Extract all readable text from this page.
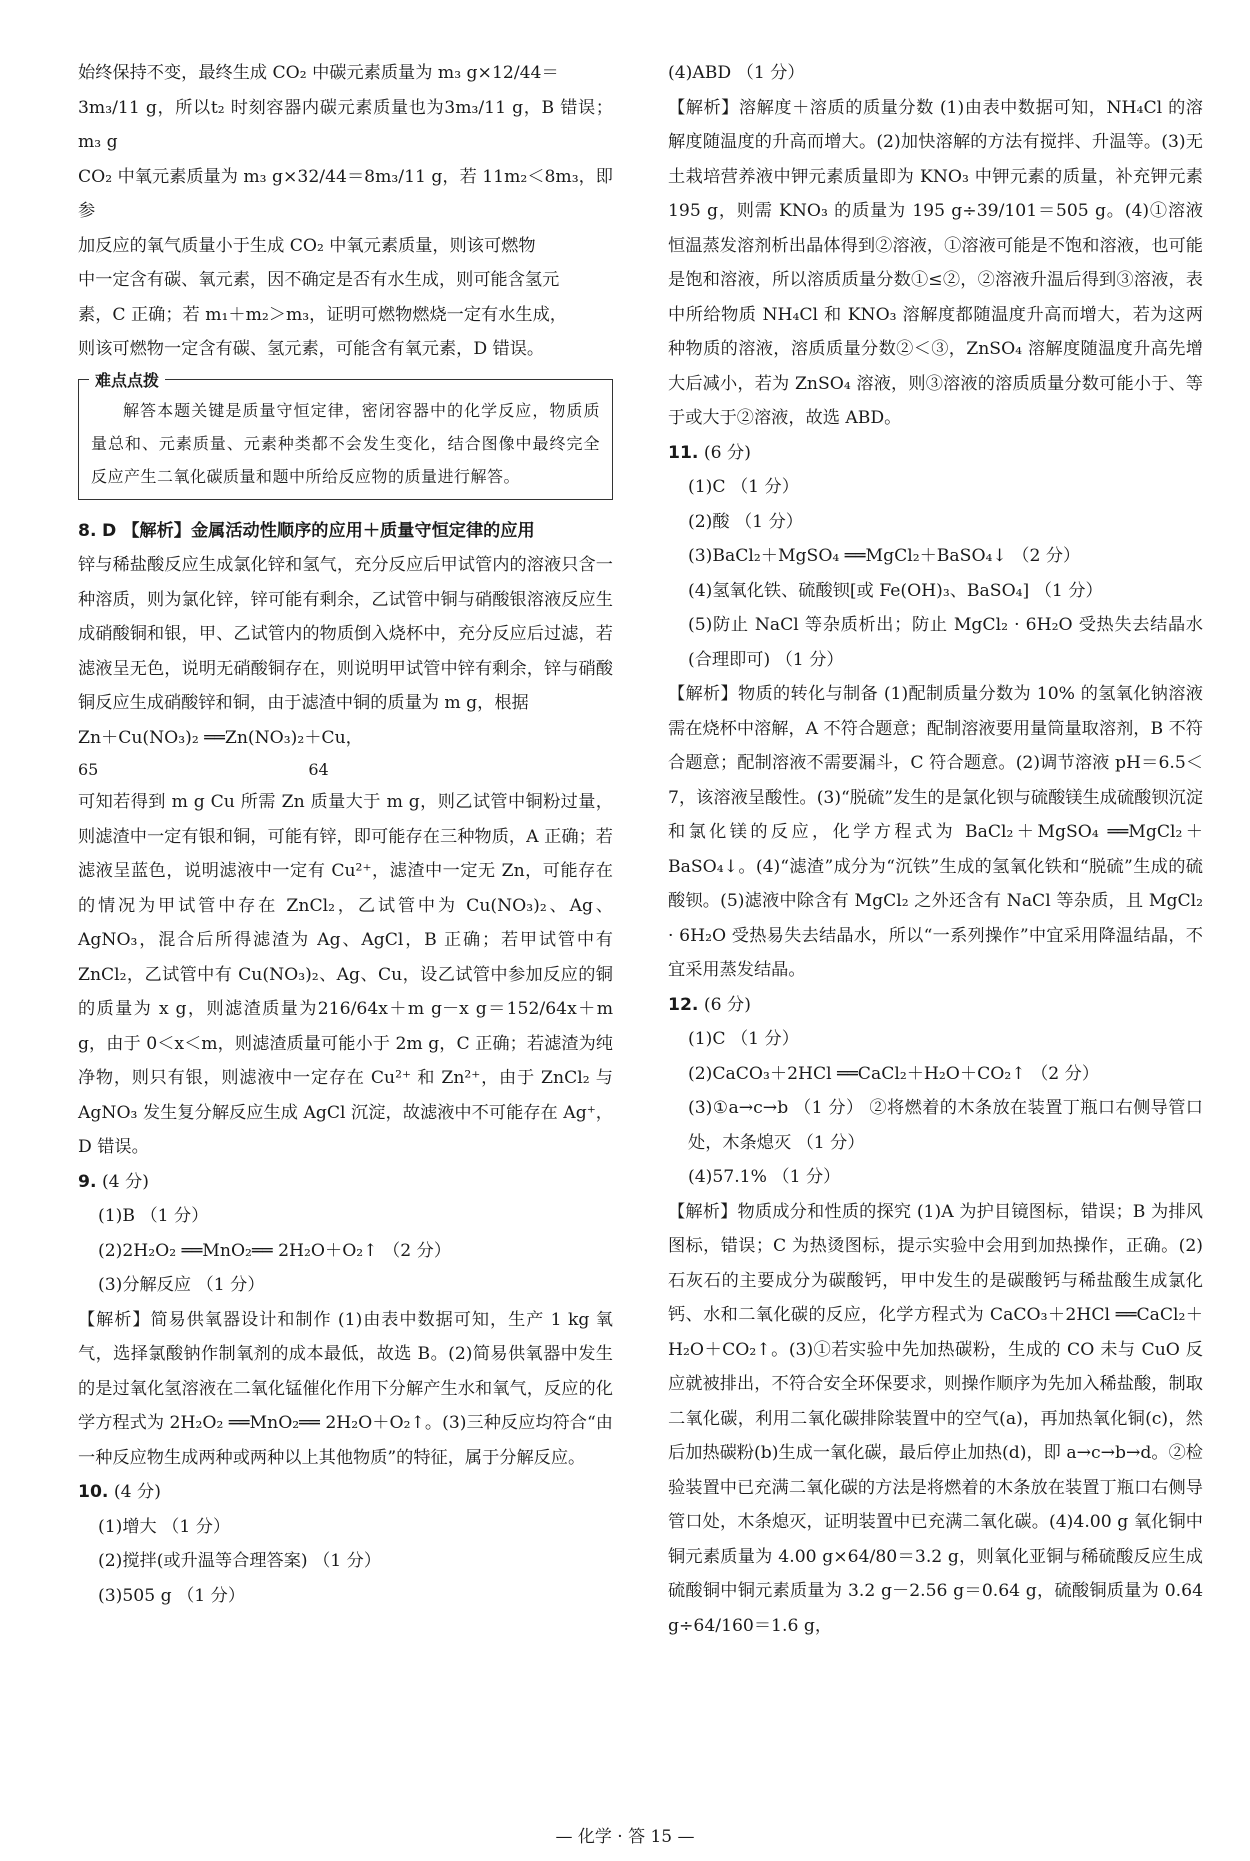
始终保持不变，最终生成 CO₂ 中碳元素质量为 m₃ g×12/44＝

3m₃/11 g，所以t₂ 时刻容器内碳元素质量也为3m₃/11 g，B 错误；m₃ g

CO₂ 中氧元素质量为 m₃ g×32/44＝8m₃/11 g，若 11m₂＜8m₃，即参

加反应的氧气质量小于生成 CO₂ 中氧元素质量，则该可燃物

中一定含有碳、氧元素，因不确定是否有水生成，则可能含氢元

素，C 正确；若 m₁＋m₂＞m₃，证明可燃物燃烧一定有水生成，

则该可燃物一定含有碳、氢元素，可能含有氧元素，D 错误。

难点点拨

解答本题关键是质量守恒定律，密闭容器中的化学反应，物质质量总和、元素质量、元素种类都不会发生变化，结合图像中最终完全反应产生二氧化碳质量和题中所给反应物的质量进行解答。

8. D 【解析】金属活动性顺序的应用＋质量守恒定律的应用

锌与稀盐酸反应生成氯化锌和氢气，充分反应后甲试管内的溶液只含一种溶质，则为氯化锌，锌可能有剩余，乙试管中铜与硝酸银溶液反应生成硝酸铜和银，甲、乙试管内的物质倒入烧杯中，充分反应后过滤，若滤液呈无色，说明无硝酸铜存在，则说明甲试管中锌有剩余，锌与硝酸铜反应生成硝酸锌和铜，由于滤渣中铜的质量为 m g，根据

Zn＋Cu(NO₃)₂ ══Zn(NO₃)₂＋Cu，

65	64

可知若得到 m g Cu 所需 Zn 质量大于 m g，则乙试管中铜粉过量，则滤渣中一定有银和铜，可能有锌，即可能存在三种物质，A 正确；若滤液呈蓝色，说明滤液中一定有 Cu²⁺，滤渣中一定无 Zn，可能存在的情况为甲试管中存在 ZnCl₂，乙试管中为 Cu(NO₃)₂、Ag、AgNO₃，混合后所得滤渣为 Ag、AgCl，B 正确；若甲试管中有 ZnCl₂，乙试管中有 Cu(NO₃)₂、Ag、Cu，设乙试管中参加反应的铜的质量为 x g，则滤渣质量为216/64x＋m g－x g＝152/64x＋m g，由于 0＜x＜m，则滤渣质量可能小于 2m g，C 正确；若滤渣为纯净物，则只有银，则滤液中一定存在 Cu²⁺ 和 Zn²⁺，由于 ZnCl₂ 与 AgNO₃ 发生复分解反应生成 AgCl 沉淀，故滤液中不可能存在 Ag⁺，D 错误。

9. (4 分)

(1)B （1 分）

(2)2H₂O₂ ══MnO₂══ 2H₂O＋O₂↑ （2 分）

(3)分解反应 （1 分）

【解析】简易供氧器设计和制作 (1)由表中数据可知，生产 1 kg 氧气，选择氯酸钠作制氧剂的成本最低，故选 B。(2)简易供氧器中发生的是过氧化氢溶液在二氧化锰催化作用下分解产生水和氧气，反应的化学方程式为 2H₂O₂ ══MnO₂══ 2H₂O＋O₂↑。(3)三种反应均符合“由一种反应物生成两种或两种以上其他物质”的特征，属于分解反应。

10. (4 分)

(1)增大 （1 分）

(2)搅拌(或升温等合理答案) （1 分）

(3)505 g （1 分）

(4)ABD （1 分）

【解析】溶解度＋溶质的质量分数 (1)由表中数据可知，NH₄Cl 的溶解度随温度的升高而增大。(2)加快溶解的方法有搅拌、升温等。(3)无土栽培营养液中钾元素质量即为 KNO₃ 中钾元素的质量，补充钾元素 195 g，则需 KNO₃ 的质量为 195 g÷39/101＝505 g。(4)①溶液恒温蒸发溶剂析出晶体得到②溶液，①溶液可能是不饱和溶液，也可能是饱和溶液，所以溶质质量分数①≤②，②溶液升温后得到③溶液，表中所给物质 NH₄Cl 和 KNO₃ 溶解度都随温度升高而增大，若为这两种物质的溶液，溶质质量分数②＜③，ZnSO₄ 溶解度随温度升高先增大后减小，若为 ZnSO₄ 溶液，则③溶液的溶质质量分数可能小于、等于或大于②溶液，故选 ABD。

11. (6 分)

(1)C （1 分）

(2)酸 （1 分）

(3)BaCl₂＋MgSO₄ ══MgCl₂＋BaSO₄↓ （2 分）

(4)氢氧化铁、硫酸钡[或 Fe(OH)₃、BaSO₄] （1 分）

(5)防止 NaCl 等杂质析出；防止 MgCl₂ · 6H₂O 受热失去结晶水(合理即可) （1 分）

【解析】物质的转化与制备 (1)配制质量分数为 10% 的氢氧化钠溶液需在烧杯中溶解，A 不符合题意；配制溶液要用量筒量取溶剂，B 不符合题意；配制溶液不需要漏斗，C 符合题意。(2)调节溶液 pH＝6.5＜7，该溶液呈酸性。(3)“脱硫”发生的是氯化钡与硫酸镁生成硫酸钡沉淀和氯化镁的反应，化学方程式为 BaCl₂＋MgSO₄ ══MgCl₂＋BaSO₄↓。(4)“滤渣”成分为“沉铁”生成的氢氧化铁和“脱硫”生成的硫酸钡。(5)滤液中除含有 MgCl₂ 之外还含有 NaCl 等杂质，且 MgCl₂ · 6H₂O 受热易失去结晶水，所以“一系列操作”中宜采用降温结晶，不宜采用蒸发结晶。

12. (6 分)

(1)C （1 分）

(2)CaCO₃＋2HCl ══CaCl₂＋H₂O＋CO₂↑ （2 分）

(3)①a→c→b （1 分） ②将燃着的木条放在装置丁瓶口右侧导管口处，木条熄灭 （1 分）

(4)57.1% （1 分）

【解析】物质成分和性质的探究 (1)A 为护目镜图标，错误；B 为排风图标，错误；C 为热烫图标，提示实验中会用到加热操作，正确。(2)石灰石的主要成分为碳酸钙，甲中发生的是碳酸钙与稀盐酸生成氯化钙、水和二氧化碳的反应，化学方程式为 CaCO₃＋2HCl ══CaCl₂＋H₂O＋CO₂↑。(3)①若实验中先加热碳粉，生成的 CO 未与 CuO 反应就被排出，不符合安全环保要求，则操作顺序为先加入稀盐酸，制取二氧化碳，利用二氧化碳排除装置中的空气(a)，再加热氧化铜(c)，然后加热碳粉(b)生成一氧化碳，最后停止加热(d)，即 a→c→b→d。②检验装置中已充满二氧化碳的方法是将燃着的木条放在装置丁瓶口右侧导管口处，木条熄灭，证明装置中已充满二氧化碳。(4)4.00 g 氧化铜中铜元素质量为 4.00 g×64/80＝3.2 g，则氧化亚铜与稀硫酸反应生成硫酸铜中铜元素质量为 3.2 g－2.56 g＝0.64 g，硫酸铜质量为 0.64 g÷64/160＝1.6 g，

— 化学 · 答 15 —
